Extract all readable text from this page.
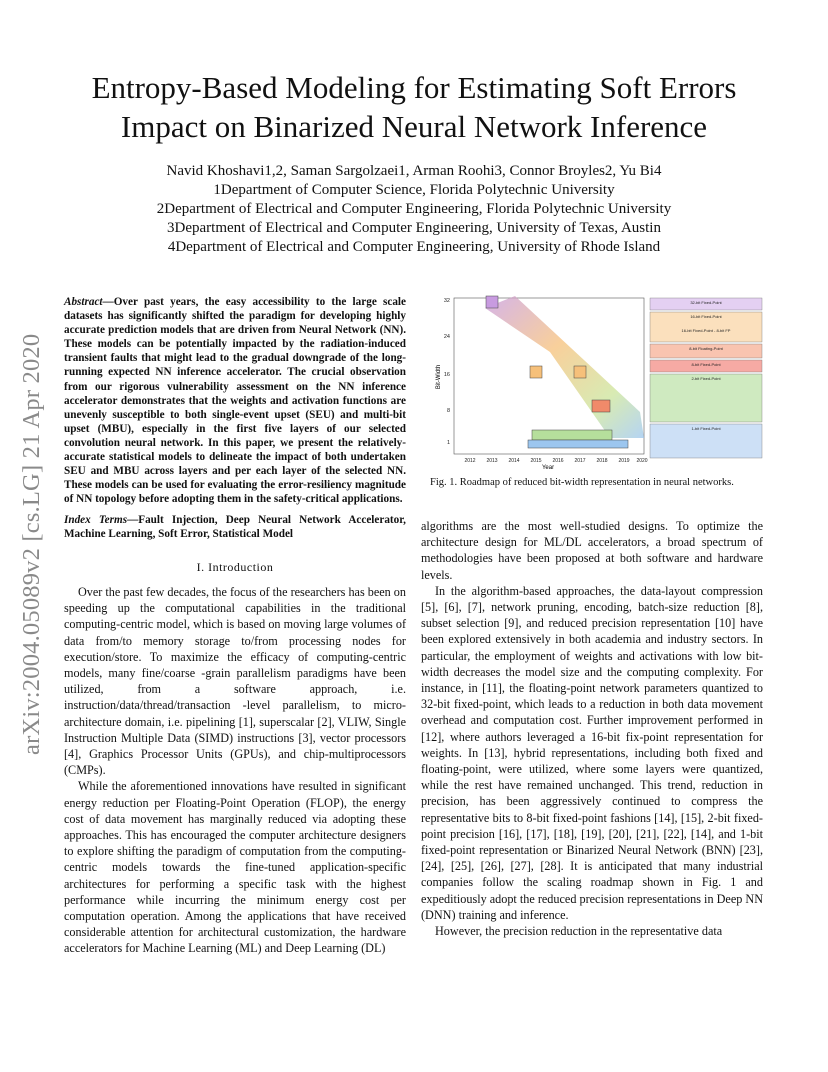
Entropy-Based Modeling for Estimating Soft Errors
Impact on Binarized Neural Network Inference
Navid Khoshavi1,2, Saman Sargolzaei1, Arman Roohi3, Connor Broyles2, Yu Bi4
1Department of Computer Science, Florida Polytechnic University
2Department of Electrical and Computer Engineering, Florida Polytechnic University
3Department of Electrical and Computer Engineering, University of Texas, Austin
4Department of Electrical and Computer Engineering, University of Rhode Island
arXiv:2004.05089v2 [cs.LG] 21 Apr 2020
Abstract—Over past years, the easy accessibility to the large scale datasets has significantly shifted the paradigm for developing highly accurate prediction models that are driven from Neural Network (NN). These models can be potentially impacted by the radiation-induced transient faults that might lead to the gradual downgrade of the long-running expected NN inference accelerator. The crucial observation from our rigorous vulnerability assessment on the NN inference accelerator demonstrates that the weights and activation functions are unevenly susceptible to both single-event upset (SEU) and multi-bit upset (MBU), especially in the first five layers of our selected convolution neural network. In this paper, we present the relatively-accurate statistical models to delineate the impact of both undertaken SEU and MBU across layers and per each layer of the selected NN. These models can be used for evaluating the error-resiliency magnitude of NN topology before adopting them in the safety-critical applications.
Index Terms—Fault Injection, Deep Neural Network Accelerator, Machine Learning, Soft Error, Statistical Model
I. Introduction

Over the past few decades, the focus of the researchers has been on speeding up the computational capabilities in the traditional computing-centric model, which is based on moving large volumes of data from/to memory storage to/from processing nodes for execution/store. To maximize the efficacy of computing-centric models, many fine/coarse -grain parallelism paradigms have been utilized, from a software approach, i.e. instruction/data/thread/transaction -level parallelism, to micro-architecture domain, i.e. pipelining [1], superscalar [2], VLIW, Single Instruction Multiple Data (SIMD) instructions [3], vector processors [4], Graphics Processor Units (GPUs), and chip-multiprocessors (CMPs).

While the aforementioned innovations have resulted in significant energy reduction per Floating-Point Operation (FLOP), the energy cost of data movement has marginally reduced via adopting these approaches. This has encouraged the computer architecture designers to explore shifting the paradigm of computation from the computing-centric models towards the fine-tuned application-specific architectures for performing a specific task with the highest performance while incurring the minimum energy cost per computation operation. Among the applications that have received considerable attention for architectural customization, the hardware accelerators for Machine Learning (ML) and Deep Learning (DL)

32
24
16
8
1
Bit-Width
2012 2013 2014 2015 2016 2017 2018 2019 2020
Year
32-bit Fixed-Point
16-bit Fixed-Point
16-bit Fixed-Point - 8-bit FP
8-bit Floating-Point
8-bit Fixed-Point
2-bit Fixed-Point
1-bit Fixed-Point
Fig. 1. Roadmap of reduced bit-width representation in neural networks.

algorithms are the most well-studied designs. To optimize the architecture design for ML/DL accelerators, a broad spectrum of methodologies have been proposed at both software and hardware levels.

In the algorithm-based approaches, the data-layout compression [5], [6], [7], network pruning, encoding, batch-size reduction [8], subset selection [9], and reduced precision representation [10] have been explored extensively in both academia and industry sectors. In particular, the employment of weights and activations with low bit-width decreases the model size and the computing complexity. For instance, in [11], the floating-point network parameters quantized to 32-bit fixed-point, which leads to a reduction in both data movement overhead and computation cost. Further improvement performed in [12], where authors leveraged a 16-bit fix-point representation for weights. In [13], hybrid representations, including both fixed and floating-point, were utilized, where some layers were quantized, while the rest have remained unchanged. This trend, reduction in precision, has been aggressively continued to compress the representative bits to 8-bit fixed-point fashions [14], [15], 2-bit fixed-point precision [16], [17], [18], [19], [20], [21], [22], [14], and 1-bit fixed-point representation or Binarized Neural Network (BNN) [23], [24], [25], [26], [27], [28]. It is anticipated that many industrial companies follow the scaling roadmap shown in Fig. 1 and expeditiously adopt the reduced precision representations in Deep NN (DNN) training and inference.

However, the precision reduction in the representative data
